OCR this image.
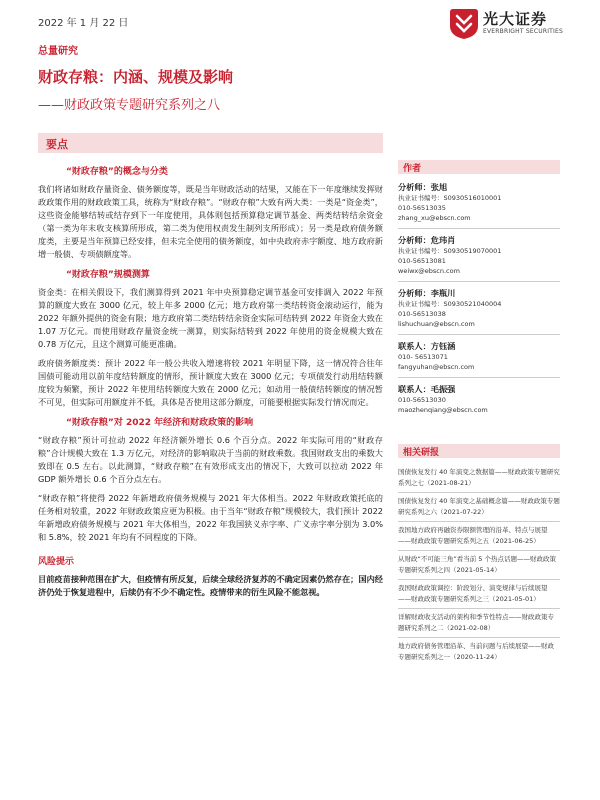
2022 年 1 月 22 日	光大证券
EVERBRIGHT SECURITIES
总量研究
财政存粮：内涵、规模及影响
——财政政策专题研究系列之八
要点
“财政存粮”的概念与分类
我们将诸如财政存量资金、债务额度等，既是当年财政活动的结果，又能在下一年度继续发挥财政政策作用的财政政策工具，统称为“财政存粮”。“财政存粮”大致有两大类：一类是“资金类”，这些资金能够结转或结存到下一年度使用，具体则包括预算稳定调节基金、两类结转结余资金（第一类为年末收支核算所形成，第二类为使用权责发生制列支所形成）；另一类是政府债务额度类，主要是当年预算已经安排，但未完全使用的债务额度，如中央政府赤字额度、地方政府新增一般债、专项债额度等。
“财政存粮”规模测算
资金类：在相关假设下，我们测算得到 2021 年中央预算稳定调节基金可安排调入 2022 年预算的额度大致在 3000 亿元，较上年多 2000 亿元；地方政府第一类结转资金滚动运行，能为 2022 年额外提供的资金有限；地方政府第二类结转结余资金实际可结转到 2022 年资金大致在 1.07 万亿元。而使用财政存量资金统一测算，则实际结转到 2022 年使用的资金规模大致在 0.78 万亿元，且这个测算可能更准确。
政府债务额度类：预计 2022 年一般公共收入增速将较 2021 年明显下降，这一情况符合往年国债可能动用以前年度结转额度的情形，预计额度大致在 3000 亿元；专项债发行动用结转额度较为频繁，预计 2022 年使用结转额度大致在 2000 亿元；如动用一般债结转额度的情况暂不可见，但实际可用额度并不低，具体是否使用这部分额度，可能要根据实际发行情况而定。
“财政存粮”对 2022 年经济和财政政策的影响
“财政存粮”预计可拉动 2022 年经济额外增长 0.6 个百分点。2022 年实际可用的“财政存粮”合计规模大致在 1.3 万亿元，对经济的影响取决于当前的财政乘数。我国财政支出的乘数大致即在 0.5 左右。以此测算，“财政存粮”在有效形成支出的情况下，大致可以拉动 2022 年 GDP 额外增长 0.6 个百分点左右。
“财政存粮”将使得 2022 年新增政府债务规模与 2021 年大体相当。2022 年财政政策托底的任务相对较重，2022 年财政政策应更为积极。由于当年“财政存粮”规模较大，我们预计 2022 年新增政府债务规模与 2021 年大体相当，2022 年我国狭义赤字率、广义赤字率分别为 3.0%和 5.8%，较 2021 年均有不同程度的下降。
风险提示
目前疫苗接种范围在扩大，但疫情有所反复，后续全球经济复苏的不确定因素仍然存在；国内经济仍处于恢复进程中，后续仍有不少不确定性。疫情带来的衍生风险不能忽视。
作者
分析师：张旭
执业证书编号：S0930516010001
010-56513035
zhang_xu@ebscn.com
分析师：危玮肖
执业证书编号：S0930519070001
010-56513081
weiwx@ebscn.com
分析师：李瓶川
执业证书编号：S0930521040004
010-56513038
lishuchuan@ebscn.com
联系人：方钰涵
010- 56513071
fangyuhan@ebscn.com
联系人：毛振强
010-56513030
maozhenqiang@ebscn.com
相关研报
国债恢复发行 40 年演变之数据篇——财政政策专题研究系列之七（2021-08-21）
国债恢复发行 40 年演变之基础概念篇——财政政策专题研究系列之六（2021-07-22）
我国地方政府再融资券限额管理的沿革、特点与展望——财政政策专题研究系列之五（2021-06-25）
从财政“不可能三角”看当前 5 个热点话题——财政政策专题研究系列之四（2021-05-14）
我国财政政策调控：阶段划分、演变规律与后续展望——财政政策专题研究系列之三（2021-05-01）
详解财政收支活动的架构和季节性特点——财政政策专题研究系列之二（2021-02-08）
地方政府债务管理沿革、当前问题与后续展望——财政专题研究系列之一（2020-11-24）
